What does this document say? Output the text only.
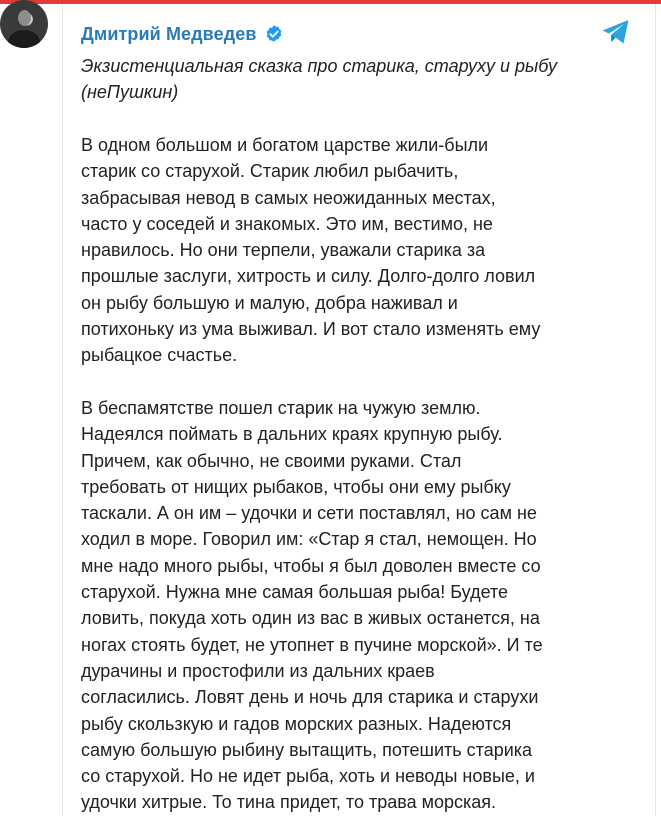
Дмитрий Медведев
Экзистенциальная сказка про старика, старуху и рыбу
(неПушкин)
В одном большом и богатом царстве жили-были
старик со старухой. Старик любил рыбачить,
забрасывая невод в самых неожиданных местах,
часто у соседей и знакомых. Это им, вестимо, не
нравилось. Но они терпели, уважали старика за
прошлые заслуги, хитрость и силу. Долго-долго ловил
он рыбу большую и малую, добра наживал и
потихоньку из ума выживал. И вот стало изменять ему
рыбацкое счастье.
В беспамятстве пошел старик на чужую землю.
Надеялся поймать в дальних краях крупную рыбу.
Причем, как обычно, не своими руками. Стал
требовать от нищих рыбаков, чтобы они ему рыбку
таскали. А он им – удочки и сети поставлял, но сам не
ходил в море. Говорил им: «Стар я стал, немощен. Но
мне надо много рыбы, чтобы я был доволен вместе со
старухой. Нужна мне самая большая рыба! Будете
ловить, покуда хоть один из вас в живых останется, на
ногах стоять будет, не утопнет в пучине морской». И те
дурачины и простофили из дальних краев
согласились. Ловят день и ночь для старика и старухи
рыбу скользкую и гадов морских разных. Надеются
самую большую рыбину вытащить, потешить старика
со старухой. Но не идет рыба, хоть и неводы новые, и
удочки хитрые. То тина придет, то трава морская.
